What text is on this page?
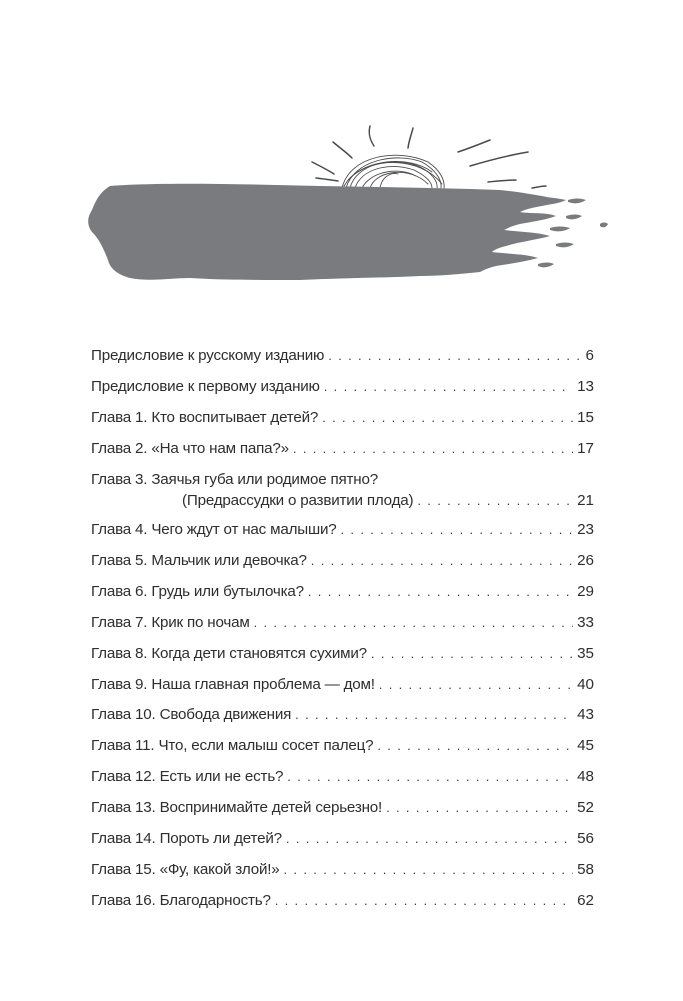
ОГЛАВЛЕНИЕ
Предисловие к русскому изданию . . .	6
Предисловие к первому изданию . . .	13
Глава 1. Кто воспитывает детей? . . .	15
Глава 2. «На что нам папа?» . . .	17
Глава 3. Заячья губа или родимое пятно?
(Предрассудки о развитии плода) . . .	21
Глава 4. Чего ждут от нас малыши? . . .	23
Глава 5. Мальчик или девочка? . . .	26
Глава 6. Грудь или бутылочка? . . .	29
Глава 7. Крик по ночам . . .	33
Глава 8. Когда дети становятся сухими? . . .	35
Глава 9. Наша главная проблема — дом! . . .	40
Глава 10. Свобода движения . . .	43
Глава 11. Что, если малыш сосет палец? . . .	45
Глава 12. Есть или не есть? . . .	48
Глава 13. Воспринимайте детей серьезно! . . .	52
Глава 14. Пороть ли детей? . . .	56
Глава 15. «Фу, какой злой!» . . .	58
Глава 16. Благодарность? . . .	62
